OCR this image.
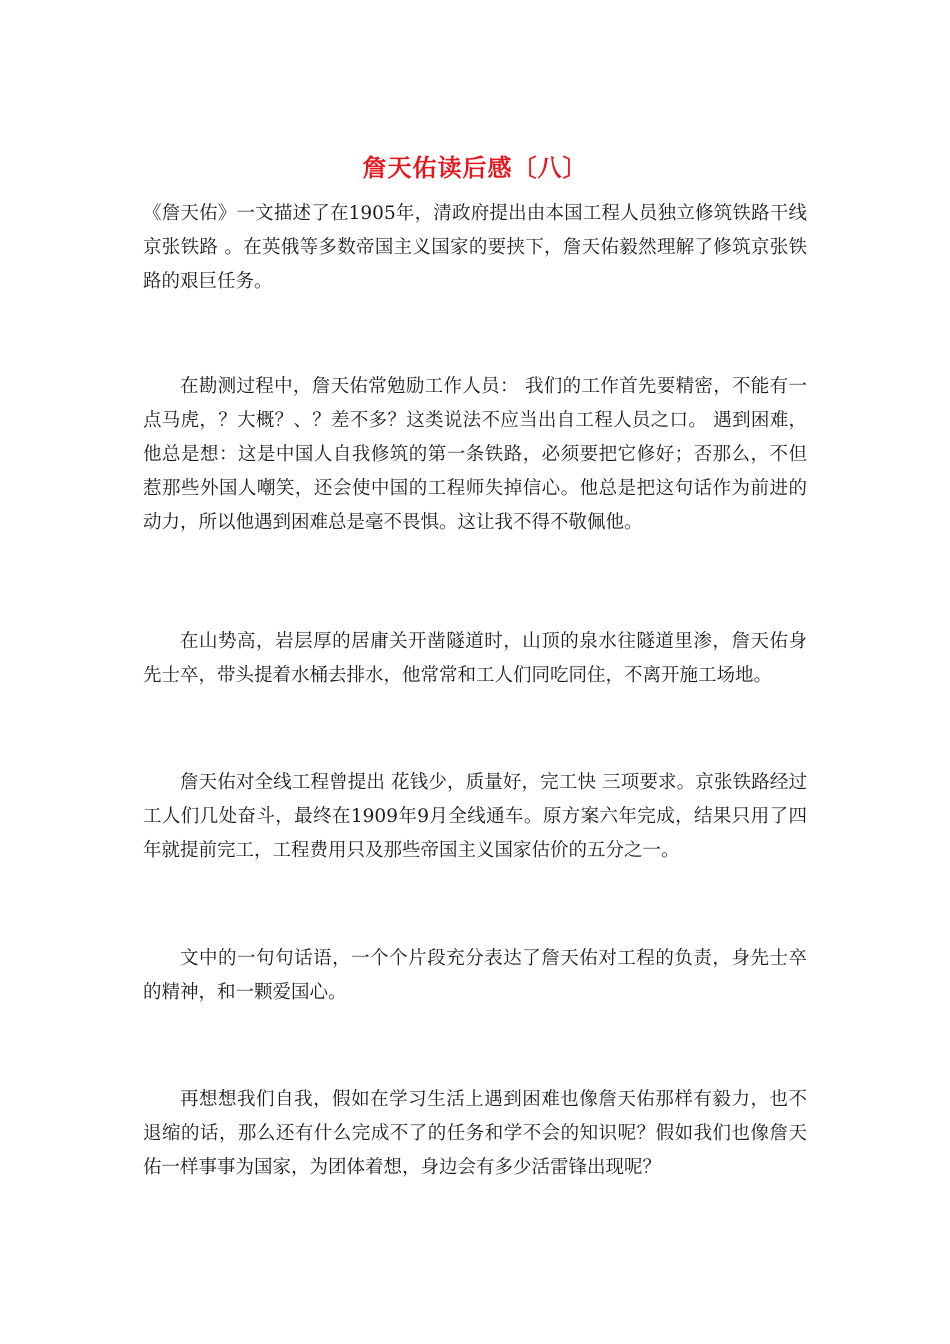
詹天佑读后感〔八〕

《詹天佑》一文描述了在1905年，清政府提出由本国工程人员独立修筑铁路干线 京张铁路 。在英俄等多数帝国主义国家的要挟下，詹天佑毅然理解了修筑京张铁路的艰巨任务。

在勘测过程中，詹天佑常勉励工作人员： 我们的工作首先要精密，不能有一点马虎，？大概？、？差不多？这类说法不应当出自工程人员之口。 遇到困难，他总是想：这是中国人自我修筑的第一条铁路，必须要把它修好；否那么，不但惹那些外国人嘲笑，还会使中国的工程师失掉信心。他总是把这句话作为前进的动力，所以他遇到困难总是毫不畏惧。这让我不得不敬佩他。

在山势高，岩层厚的居庸关开凿隧道时，山顶的泉水往隧道里渗，詹天佑身先士卒，带头提着水桶去排水，他常常和工人们同吃同住，不离开施工场地。

詹天佑对全线工程曾提出 花钱少，质量好，完工快 三项要求。京张铁路经过工人们几处奋斗，最终在1909年9月全线通车。原方案六年完成，结果只用了四年就提前完工，工程费用只及那些帝国主义国家估价的五分之一。

文中的一句句话语，一个个片段充分表达了詹天佑对工程的负责，身先士卒的精神，和一颗爱国心。

再想想我们自我，假如在学习生活上遇到困难也像詹天佑那样有毅力，也不退缩的话，那么还有什么完成不了的任务和学不会的知识呢？假如我们也像詹天佑一样事事为国家，为团体着想，身边会有多少活雷锋出现呢？
